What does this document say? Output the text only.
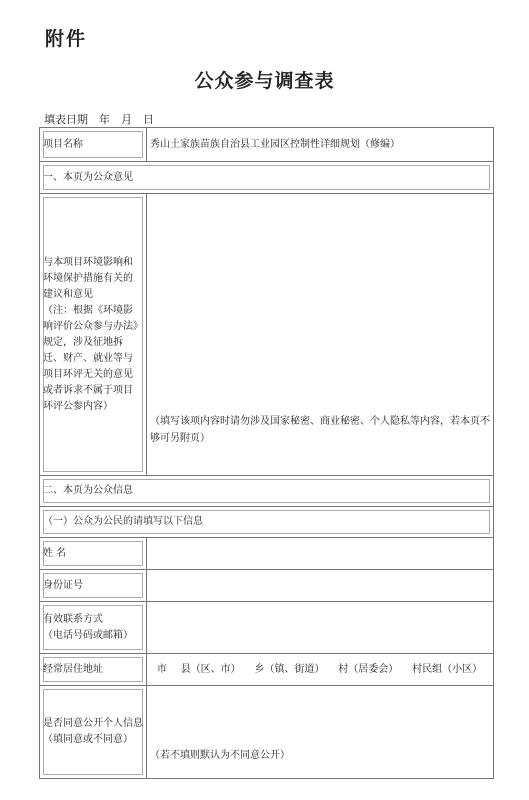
附件
公众参与调查表
填表日期　年　月　日
项目名称	秀山土家族苗族自治县工业园区控制性详细规划（修编）
一、本页为公众意见
与本项目环境影响和环境保护措施有关的建议和意见
（注：根据《环境影响评价公众参与办法》规定，涉及征地拆迁、财产、就业等与项目环评无关的意见或者诉求不属于项目环评公参内容）
（填写该项内容时请勿涉及国家秘密、商业秘密、个人隐私等内容，若本页不够可另附页）
二、本页为公众信息
（一）公众为公民的请填写以下信息
姓 名
身份证号
有效联系方式
（电话号码或邮箱）
经常居住地址	市 县（区、市） 乡（镇、街道） 村（居委会） 村民组（小区）
是否同意公开个人信息
（填同意或不同意）
（若不填则默认为不同意公开）
